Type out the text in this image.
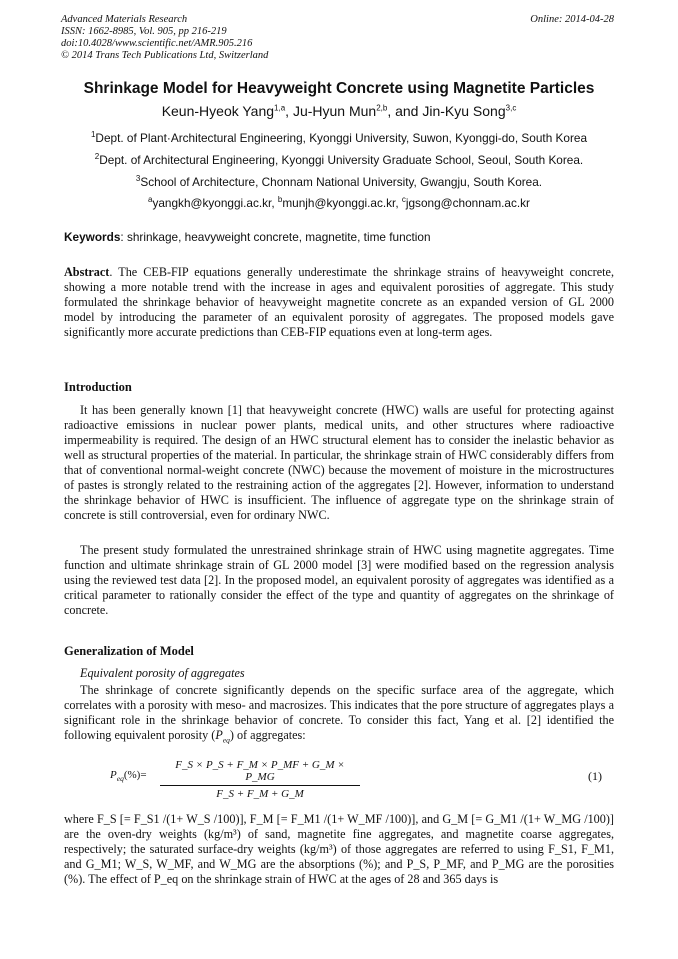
Advanced Materials Research
ISSN: 1662-8985, Vol. 905, pp 216-219
doi:10.4028/www.scientific.net/AMR.905.216
© 2014 Trans Tech Publications Ltd, Switzerland
Online: 2014-04-28
Shrinkage Model for Heavyweight Concrete using Magnetite Particles
Keun-Hyeok Yang$^{1,a}$, Ju-Hyun Mun$^{2,b}$, and Jin-Kyu Song$^{3,c}$
$^1$Dept. of Plant·Architectural Engineering, Kyonggi University, Suwon, Kyonggi-do, South Korea
$^2$Dept. of Architectural Engineering, Kyonggi University Graduate School, Seoul, South Korea.
$^3$School of Architecture, Chonnam National University, Gwangju, South Korea.
$^a$yangkh@kyonggi.ac.kr, $^b$munjh@kyonggi.ac.kr, $^c$jgsong@chonnam.ac.kr
Keywords: shrinkage, heavyweight concrete, magnetite, time function
Abstract. The CEB-FIP equations generally underestimate the shrinkage strains of heavyweight concrete, showing a more notable trend with the increase in ages and equivalent porosities of aggregate. This study formulated the shrinkage behavior of heavyweight magnetite concrete as an expanded version of GL 2000 model by introducing the parameter of an equivalent porosity of aggregates. The proposed models gave significantly more accurate predictions than CEB-FIP equations even at long-term ages.
Introduction
It has been generally known [1] that heavyweight concrete (HWC) walls are useful for protecting against radioactive emissions in nuclear power plants, medical units, and other structures where radioactive impermeability is required. The design of an HWC structural element has to consider the inelastic behavior as well as structural properties of the material. In particular, the shrinkage strain of HWC considerably differs from that of conventional normal-weight concrete (NWC) because the movement of moisture in the microstructures of pastes is strongly related to the restraining action of the aggregates [2]. However, information to understand the shrinkage behavior of HWC is insufficient. The influence of aggregate type on the shrinkage strain of concrete is still controversial, even for ordinary NWC.
The present study formulated the unrestrained shrinkage strain of HWC using magnetite aggregates. Time function and ultimate shrinkage strain of GL 2000 model [3] were modified based on the regression analysis using the reviewed test data [2]. In the proposed model, an equivalent porosity of aggregates was identified as a critical parameter to rationally consider the effect of the type and quantity of aggregates on the shrinkage of concrete.
Generalization of Model
Equivalent porosity of aggregates
The shrinkage of concrete significantly depends on the specific surface area of the aggregate, which correlates with a porosity with meso- and macrosizes. This indicates that the pore structure of aggregates plays a significant role in the shrinkage behavior of concrete. To consider this fact, Yang et al. [2] identified the following equivalent porosity $(P_{eq})$ of aggregates:
$P_{eq}(\%)= \frac{F\_S \times P\_S + F\_M \times P\_MF + G\_M \times P\_MG}{F\_S + F\_M + G\_M}$	(1)
where F_S [= F_S1 /(1+ W_S /100)], F_M [= F_M1 /(1+ W_MF /100)], and G_M [= G_M1 /(1+ W_MG /100)] are the oven-dry weights (kg/m³) of sand, magnetite fine aggregates, and magnetite coarse aggregates, respectively; the saturated surface-dry weights (kg/m³) of those aggregates are referred to using F_S1, F_M1, and G_M1; W_S, W_MF, and W_MG are the absorptions (%); and P_S, P_MF, and P_MG are the porosities (%). The effect of P_eq on the shrinkage strain of HWC at the ages of 28 and 365 days is
